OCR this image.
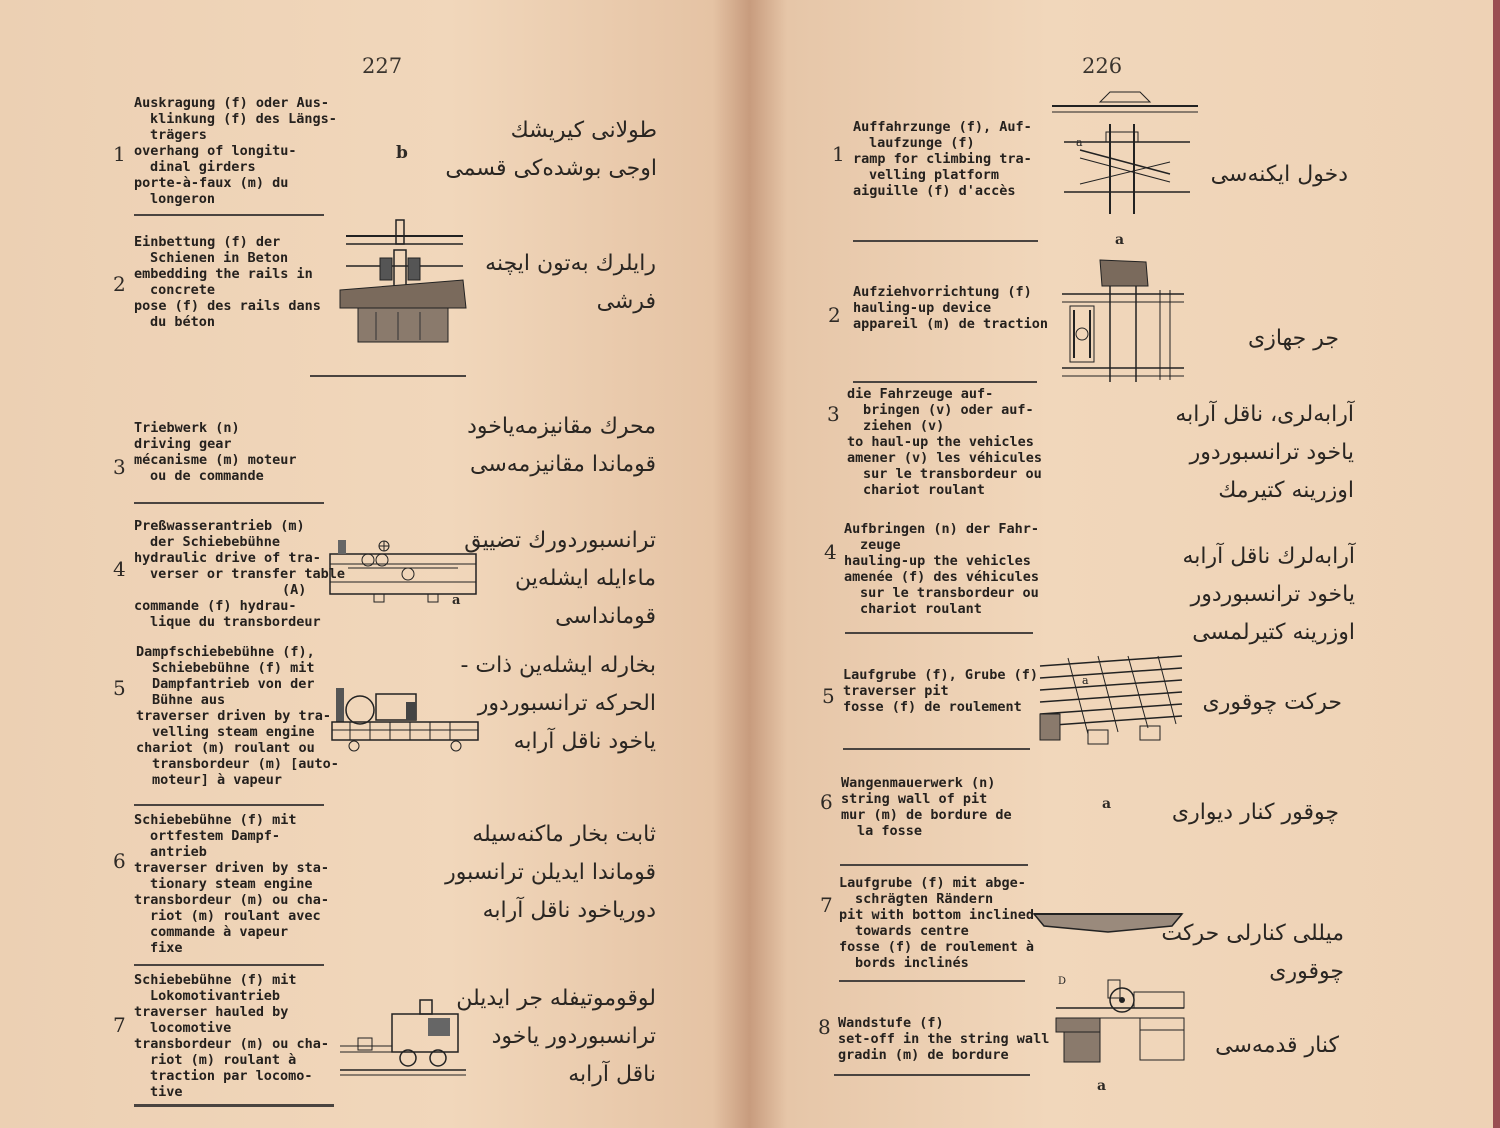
227
1
Auskragung (f) oder Aus-
klinkung (f) des Längs-
trägers
overhang of longitu-
dinal girders
porte-à-faux (m) du
longeron
b
طولانی كیریشك
اوجی بوشده‌كی قسمی
2
Einbettung (f) der
Schienen in Beton
embedding the rails in
concrete
pose (f) des rails dans
du béton
رایلرك بەتون ایچنه
فرشی
3
Triebwerk (n)
driving gear
mécanisme (m) moteur
ou de commande
محرك مقانیزمه‌یاخود
قوماندا مقانیزمه‌سی
4
Preßwasserantrieb (m)
der Schiebebühne
hydraulic drive of tra-
verser or transfer table
(A)
commande (f) hydrau-
lique du transbordeur
a
ترانسبوردورك تضییق
ماءایله ایشله‌ین
قوماندا‌سی
5
Dampfschiebebühne (f),
Schiebebühne (f) mit
Dampfantrieb von der
Bühne aus
traverser driven by tra-
velling steam engine
chariot (m) roulant ou
transbordeur (m) [auto-
moteur] à vapeur
بخارله ایشله‌ین ذات -
الحركه ترانسبوردور
یاخود ناقل آرابه
6
Schiebebühne (f) mit
ortfestem Dampf-
antrieb
traverser driven by sta-
tionary steam engine
transbordeur (m) ou cha-
riot (m) roulant avec
commande à vapeur
fixe
ثابت بخار ماكنه‌سیله
قوماندا ایدیلن ترانسبور
دوریاخود ناقل آرابه
7
Schiebebühne (f) mit
Lokomotivantrieb
traverser hauled by
locomotive
transbordeur (m) ou cha-
riot (m) roulant à
traction par locomo-
tive
لوقوموتیفله جر ایدیلن
ترانسبوردور یاخود
ناقل آرابه
226
a
1
Auffahrzunge (f), Auf-
laufzunge (f)
ramp for climbing tra-
velling platform
aiguille (f) d'accès
a
دخول ایكنه‌سی
2
Aufziehvorrichtung (f)
hauling-up device
appareil (m) de traction
جر جهازی
3
die Fahrzeuge auf-
bringen (v) oder auf-
ziehen (v)
to haul-up the vehicles
amener (v) les véhicules
sur le transbordeur ou
chariot roulant
آرابه‌لری، ناقل آرابه
یاخود ترانسبوردور
اوزرینه كتیرمك
4
Aufbringen (n) der Fahr-
zeuge
hauling-up the vehicles
amenée (f) des véhicules
sur le transbordeur ou
chariot roulant
آرابه‌لرك ناقل آرابه
یاخود ترانسبوردور
اوزرینه كتیرلمسی
a
5
Laufgrube (f), Grube (f)
traverser pit
fosse (f) de roulement	حركت چوقوری
6
Wangenmauerwerk (n)
string wall of pit
mur (m) de bordure de
la fosse
a	چوقور كنار دیواری
7
Laufgrube (f) mit abge-
schrägten Rändern
pit with bottom inclined
towards centre
fosse (f) de roulement à
bords inclinés
میللی كنارلی حركت
چوقوری
D
8 Wandstufe (f)
set-off in the string wall
gradin (m) de bordure	كنار قدمه‌سی
a
